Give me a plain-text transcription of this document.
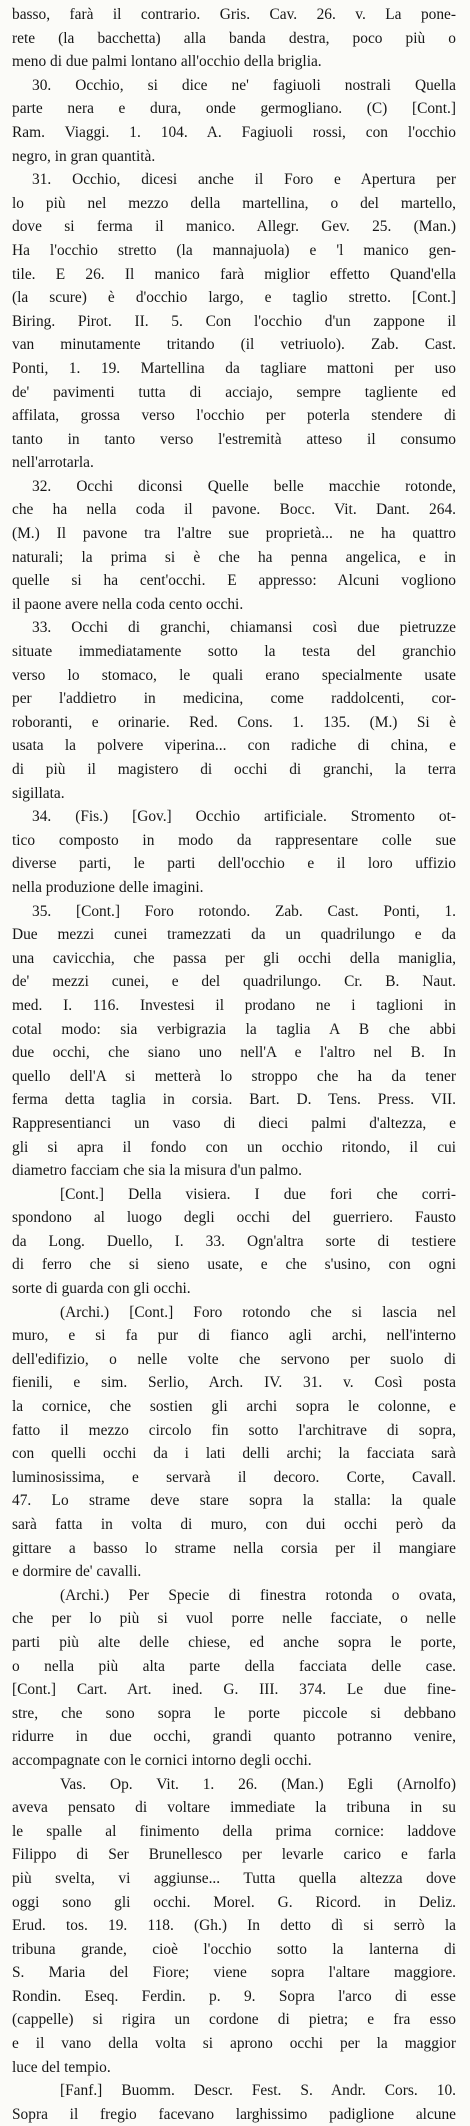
basso, farà il contrario. Gris. Cav. 26. v. La pone-
rete (la bacchetta) alla banda destra, poco più o
meno di due palmi lontano all'occhio della briglia.
30. Occhio, si dice ne' fagiuoli nostrali Quella
parte nera e dura, onde germogliano. (C) [Cont.]
Ram. Viaggi. 1. 104. A. Fagiuoli rossi, con l'occhio
negro, in gran quantità.
31. Occhio, dicesi anche il Foro e Apertura per
lo più nel mezzo della martellina, o del martello,
dove si ferma il manico. Allegr. Gev. 25. (Man.)
Ha l'occhio stretto (la mannajuola) e 'l manico gen-
tile. E 26. Il manico farà miglior effetto Quand'ella
(la scure) è d'occhio largo, e taglio stretto. [Cont.]
Biring. Pirot. II. 5. Con l'occhio d'un zappone il
van minutamente tritando (il vetriuolo). Zab. Cast.
Ponti, 1. 19. Martellina da tagliare mattoni per uso
de' pavimenti tutta di acciajo, sempre tagliente ed
affilata, grossa verso l'occhio per poterla stendere di
tanto in tanto verso l'estremità atteso il consumo
nell'arrotarla.
32. Occhi diconsi Quelle belle macchie rotonde,
che ha nella coda il pavone. Bocc. Vit. Dant. 264.
(M.) Il pavone tra l'altre sue proprietà... ne ha quattro
naturali; la prima si è che ha penna angelica, e in
quelle si ha cent'occhi. E appresso: Alcuni vogliono
il paone avere nella coda cento occhi.
33. Occhi di granchi, chiamansi così due pietruzze
situate immediatamente sotto la testa del granchio
verso lo stomaco, le quali erano specialmente usate
per l'addietro in medicina, come raddolcenti, cor-
roboranti, e orinarie. Red. Cons. 1. 135. (M.) Si è
usata la polvere viperina... con radiche di china, e
di più il magistero di occhi di granchi, la terra
sigillata.
34. (Fis.) [Gov.] Occhio artificiale. Stromento ot-
tico composto in modo da rappresentare colle sue
diverse parti, le parti dell'occhio e il loro uffizio
nella produzione delle imagini.
35. [Cont.] Foro rotondo. Zab. Cast. Ponti, 1.
Due mezzi cunei tramezzati da un quadrilungo e da
una cavicchia, che passa per gli occhi della maniglia,
de' mezzi cunei, e del quadrilungo. Cr. B. Naut.
med. I. 116. Investesi il prodano ne i taglioni in
cotal modo: sia verbigrazia la taglia A B che abbi
due occhi, che siano uno nell'A e l'altro nel B. In
quello dell'A si metterà lo stroppo che ha da tener
ferma detta taglia in corsia. Bart. D. Tens. Press. VII.
Rappresentianci un vaso di dieci palmi d'altezza, e
gli si apra il fondo con un occhio ritondo, il cui
diametro facciam che sia la misura d'un palmo.
[Cont.] Della visiera. I due fori che corri-
spondono al luogo degli occhi del guerriero. Fausto
da Long. Duello, I. 33. Ogn'altra sorte di testiere
di ferro che si sieno usate, e che s'usino, con ogni
sorte di guarda con gli occhi.
(Archi.) [Cont.] Foro rotondo che si lascia nel
muro, e si fa pur di fianco agli archi, nell'interno
dell'edifizio, o nelle volte che servono per suolo di
fienili, e sim. Serlio, Arch. IV. 31. v. Così posta
la cornice, che sostien gli archi sopra le colonne, e
fatto il mezzo circolo fin sotto l'architrave di sopra,
con quelli occhi da i lati delli archi; la facciata sarà
luminosissima, e servarà il decoro. Corte, Cavall.
47. Lo strame deve stare sopra la stalla: la quale
sarà fatta in volta di muro, con dui occhi però da
gittare a basso lo strame nella corsia per il mangiare
e dormire de' cavalli.
(Archi.) Per Specie di finestra rotonda o ovata,
che per lo più si vuol porre nelle facciate, o nelle
parti più alte delle chiese, ed anche sopra le porte,
o nella più alta parte della facciata delle case.
[Cont.] Cart. Art. ined. G. III. 374. Le due fine-
stre, che sono sopra le porte piccole si debbano
ridurre in due occhi, grandi quanto potranno venire,
accompagnate con le cornici intorno degli occhi.
Vas. Op. Vit. 1. 26. (Man.) Egli (Arnolfo)
aveva pensato di voltare immediate la tribuna in su
le spalle al finimento della prima cornice: laddove
Filippo di Ser Brunellesco per levarle carico e farla
più svelta, vi aggiunse... Tutta quella altezza dove
oggi sono gli occhi. Morel. G. Ricord. in Deliz.
Erud. tos. 19. 118. (Gh.) In detto dì si serrò la
tribuna grande, cioè l'occhio sotto la lanterna di
S. Maria del Fiore; viene sopra l'altare maggiore.
Rondin. Eseq. Ferdin. p. 9. Sopra l'arco di esse
(cappelle) si rigira un cordone di pietra; e fra esso
e il vano della volta si aprono occhi per la maggior
luce del tempio.
[Fanf.] Buomm. Descr. Fest. S. Andr. Cors. 10.
Sopra il fregio facevano larghissimo padiglione alcune
